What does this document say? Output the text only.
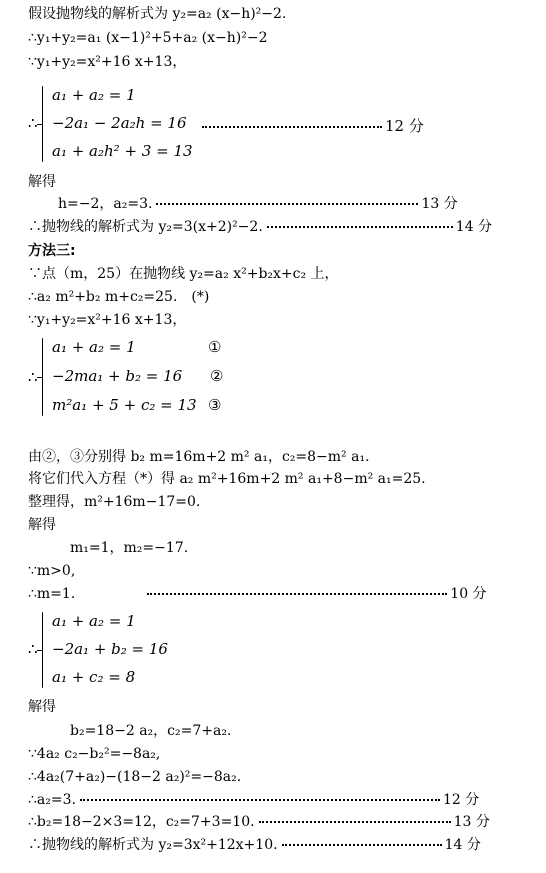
假设抛物线的解析式为 y₂=a₂ (x−h)²−2.
∴y₁+y₂=a₁ (x−1)²+5+a₂ (x−h)²−2
∵y₁+y₂=x²+16 x+13，
∴
a₁ + a₂ = 1
−2a₁ − 2a₂h = 16
a₁ + a₂h² + 3 = 13
12 分
解得
h=−2，a₂=3.	13 分
∴抛物线的解析式为 y₂=3(x+2)²−2.	14 分
方法三:
∵点（m，25）在抛物线 y₂=a₂ x²+b₂x+c₂ 上，
∴a₂ m²+b₂ m+c₂=25.　(*)
∵y₁+y₂=x²+16 x+13，
∴
a₁ + a₂ = 1
−2ma₁ + b₂ = 16
m²a₁ + 5 + c₂ = 13
①
②
③
由②，③分别得 b₂ m=16m+2 m² a₁，c₂=8−m² a₁.
将它们代入方程（*）得 a₂ m²+16m+2 m² a₁+8−m² a₁=25.
整理得，m²+16m−17=0.
解得
m₁=1，m₂=−17.
∵m>0,
∴m=1.	10 分
∴
a₁ + a₂ = 1
−2a₁ + b₂ = 16
a₁ + c₂ = 8
解得
b₂=18−2 a₂，c₂=7+a₂.
∵4a₂ c₂−b₂²=−8a₂,
∴4a₂(7+a₂)−(18−2 a₂)²=−8a₂.
∴a₂=3.	12 分
∴b₂=18−2×3=12，c₂=7+3=10.	13 分
∴抛物线的解析式为 y₂=3x²+12x+10.	14 分
